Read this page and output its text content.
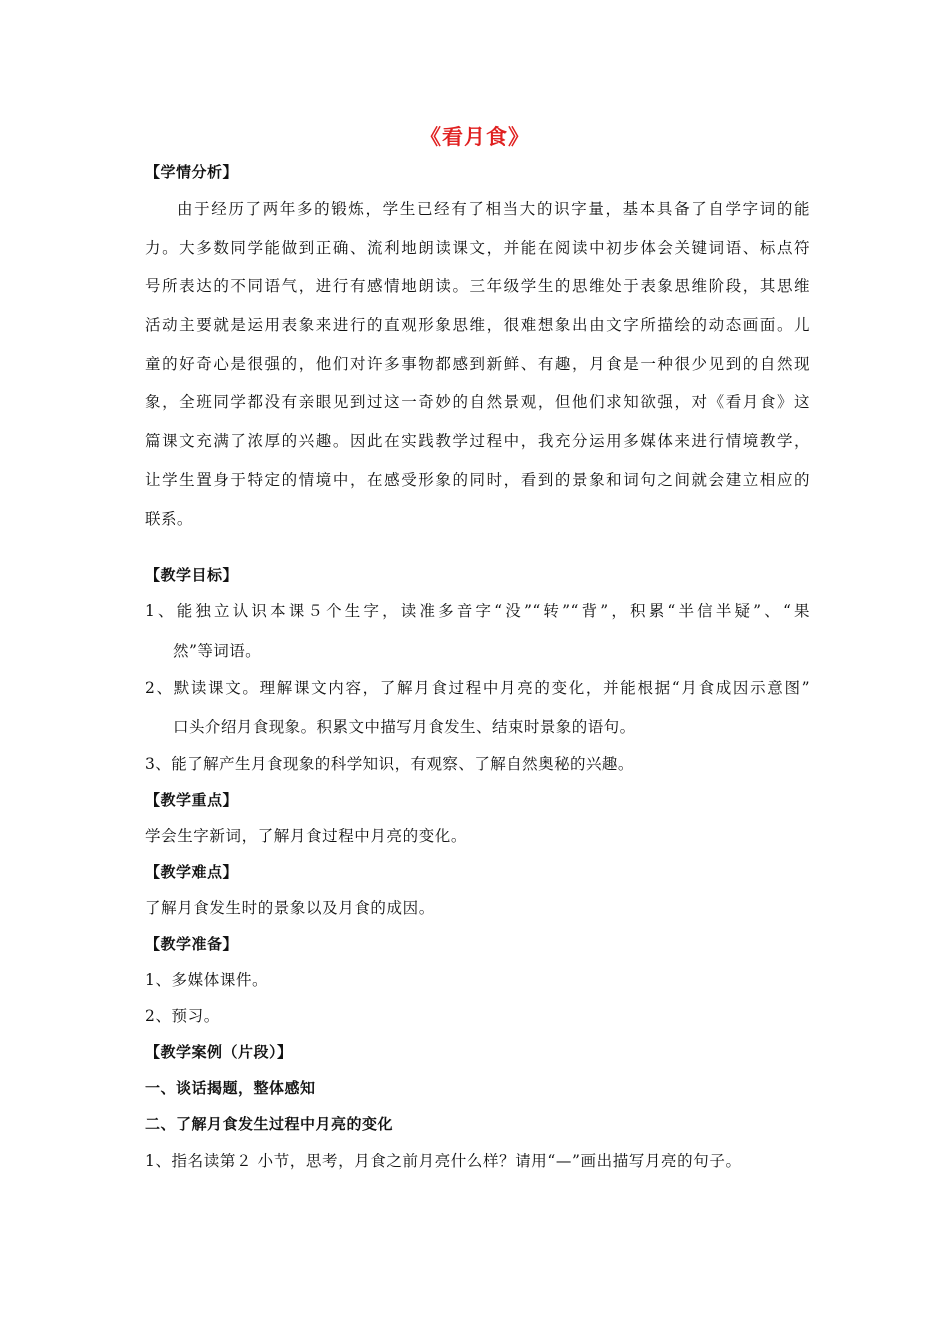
《看月食》
【学情分析】
由于经历了两年多的锻炼，学生已经有了相当大的识字量，基本具备了自学字词的能
力。大多数同学能做到正确、流利地朗读课文，并能在阅读中初步体会关键词语、标点符
号所表达的不同语气，进行有感情地朗读。三年级学生的思维处于表象思维阶段，其思维
活动主要就是运用表象来进行的直观形象思维，很难想象出由文字所描绘的动态画面。儿
童的好奇心是很强的，他们对许多事物都感到新鲜、有趣，月食是一种很少见到的自然现
象，全班同学都没有亲眼见到过这一奇妙的自然景观，但他们求知欲强，对《看月食》这
篇课文充满了浓厚的兴趣。因此在实践教学过程中，我充分运用多媒体来进行情境教学，
让学生置身于特定的情境中，在感受形象的同时，看到的景象和词句之间就会建立相应的
联系。
【教学目标】
1、能独立认识本课５个生字，读准多音字“没”“转”“背”，积累“半信半疑”、“果
然”等词语。
2、默读课文。理解课文内容，了解月食过程中月亮的变化，并能根据“月食成因示意图”
口头介绍月食现象。积累文中描写月食发生、结束时景象的语句。
3、能了解产生月食现象的科学知识，有观察、了解自然奥秘的兴趣。
【教学重点】
学会生字新词，了解月食过程中月亮的变化。
【教学难点】
了解月食发生时的景象以及月食的成因。
【教学准备】
1、多媒体课件。
2、预习。
【教学案例（片段）】
一、谈话揭题，整体感知
二、了解月食发生过程中月亮的变化
1、指名读第２ 小节，思考，月食之前月亮什么样？请用“—”画出描写月亮的句子。
